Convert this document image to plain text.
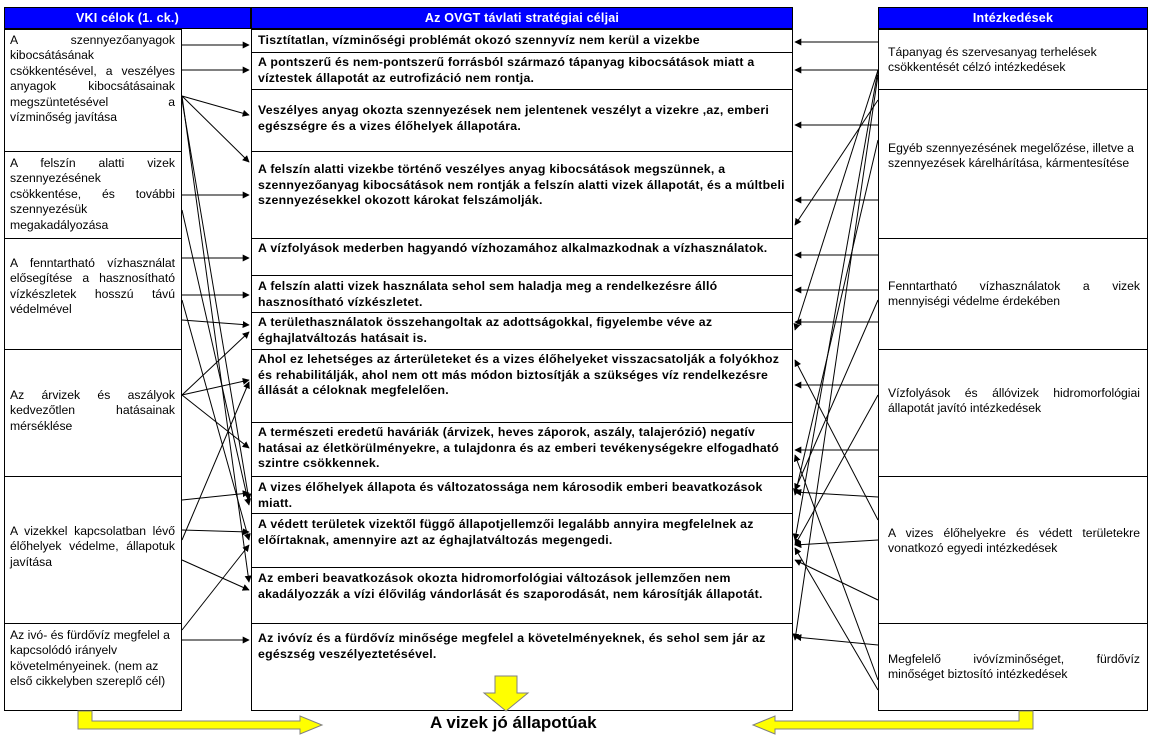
VKI célok (1. ck.)	Az OVGT távlati stratégiai céljai	Intézkedések
A szennyezőanyagok kibocsátásának csökkentésével, a veszélyes anyagok kibocsátásainak megszüntetésével a vízminőség javítása
A felszín alatti vizek szennyezésének csökkentése, és további szennyezésük megakadályozása
A fenntartható vízhasználat elősegítése a hasznosítható vízkészletek hosszú távú védelmével
Az árvizek és aszályok kedvezőtlen hatásainak mérséklése
A vizekkel kapcsolatban lévő élőhelyek védelme, állapotuk javítása
Az ivó- és fürdővíz megfelel a kapcsolódó irányelv követelményeinek. (nem az első cikkelyben szereplő cél)
Tisztítatlan, vízminőségi problémát okozó szennyvíz nem kerül a vizekbe
A pontszerű és nem-pontszerű forrásból származó tápanyag kibocsátások miatt a víztestek állapotát az eutrofizáció nem rontja.
Veszélyes anyag okozta szennyezések nem jelentenek veszélyt a vizekre ,az, emberi egészségre és a vizes élőhelyek állapotára.
A felszín alatti vizekbe történő veszélyes anyag kibocsátások megszünnek, a szennyezőanyag kibocsátások nem rontják a felszín alatti vizek állapotát, és a múltbeli szennyezésekkel okozott károkat felszámolják.
A vízfolyások mederben hagyandó vízhozamához alkalmazkodnak a vízhasználatok.
A felszín alatti vizek használata sehol sem haladja meg a rendelkezésre álló hasznosítható vízkészletet.
A területhasználatok összehangoltak az adottságokkal, figyelembe véve az éghajlatváltozás hatásait is.
Ahol ez lehetséges az árterületeket és a vizes élőhelyeket visszacsatolják a folyókhoz és rehabilitálják, ahol nem ott más módon biztosítják a szükséges víz rendelkezésre állását a céloknak megfelelően.
A természeti eredetű haváriák (árvizek, heves záporok, aszály, talajerózió) negatív hatásai az életkörülményekre, a tulajdonra és az emberi tevékenységekre elfogadható szintre csökkennek.
A vizes élőhelyek állapota és változatossága nem károsodik emberi beavatkozások miatt.
A védett területek vizektől függő állapotjellemzői legalább annyira megfelelnek az előírtaknak, amennyire azt az éghajlatváltozás megengedi.
Az emberi beavatkozások okozta hidromorfológiai változások jellemzően nem akadályozzák a vízi élővilág vándorlását és szaporodását, nem károsítják állapotát.
Az ivóvíz és a fürdővíz minősége megfelel a követelményeknek, és sehol sem jár az egészség veszélyeztetésével.
Tápanyag és szervesanyag terhelések csökkentését célzó intézkedések
Egyéb szennyezésének megelőzése, illetve a szennyezések kárelhárítása, kármentesítése
Fenntartható vízhasználatok a vizek mennyiségi védelme érdekében
Vízfolyások és állóvizek hidromorfológiai állapotát javító intézkedések
A vizes élőhelyekre és védett területekre vonatkozó egyedi intézkedések
Megfelelő ivóvízminőséget, fürdővíz minőséget biztosító intézkedések
A vizek jó állapotúak
